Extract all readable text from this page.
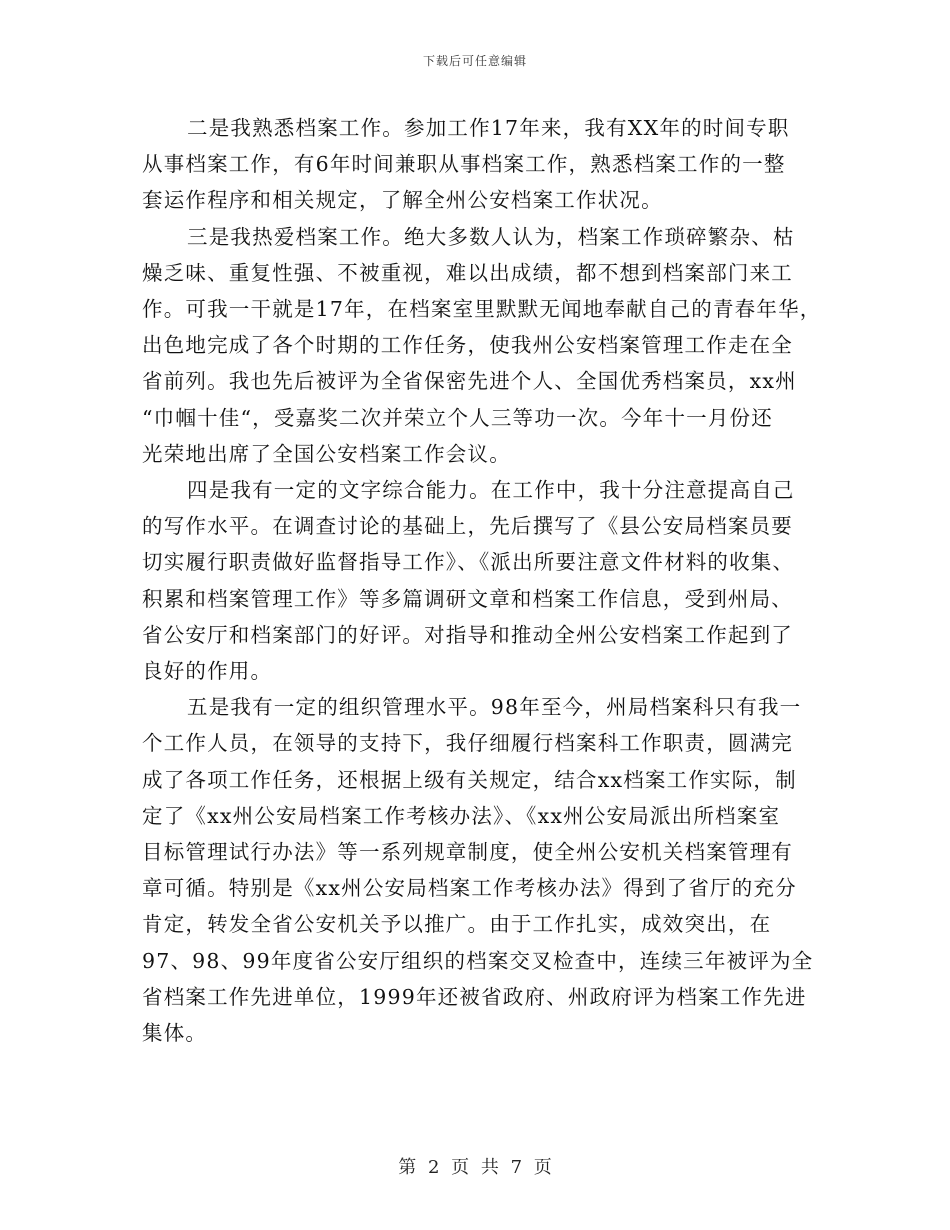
下载后可任意编辑
二是我熟悉档案工作。参加工作17年来，我有XX年的时间专职
从事档案工作，有6年时间兼职从事档案工作，熟悉档案工作的一整
套运作程序和相关规定，了解全州公安档案工作状况。
三是我热爱档案工作。绝大多数人认为，档案工作琐碎繁杂、枯
燥乏味、重复性强、不被重视，难以出成绩，都不想到档案部门来工
作。可我一干就是17年，在档案室里默默无闻地奉献自己的青春年华，
出色地完成了各个时期的工作任务，使我州公安档案管理工作走在全
省前列。我也先后被评为全省保密先进个人、全国优秀档案员，xx州
“巾帼十佳“，受嘉奖二次并荣立个人三等功一次。今年十一月份还
光荣地出席了全国公安档案工作会议。
四是我有一定的文字综合能力。在工作中，我十分注意提高自己
的写作水平。在调查讨论的基础上，先后撰写了《县公安局档案员要
切实履行职责做好监督指导工作》、《派出所要注意文件材料的收集、
积累和档案管理工作》等多篇调研文章和档案工作信息，受到州局、
省公安厅和档案部门的好评。对指导和推动全州公安档案工作起到了
良好的作用。
五是我有一定的组织管理水平。98年至今，州局档案科只有我一
个工作人员，在领导的支持下，我仔细履行档案科工作职责，圆满完
成了各项工作任务，还根据上级有关规定，结合xx档案工作实际，制
定了《xx州公安局档案工作考核办法》、《xx州公安局派出所档案室
目标管理试行办法》等一系列规章制度，使全州公安机关档案管理有
章可循。特别是《xx州公安局档案工作考核办法》得到了省厅的充分
肯定，转发全省公安机关予以推广。由于工作扎实，成效突出，在
97、98、99年度省公安厅组织的档案交叉检查中，连续三年被评为全
省档案工作先进单位，1999年还被省政府、州政府评为档案工作先进
集体。
第 2 页 共 7 页
